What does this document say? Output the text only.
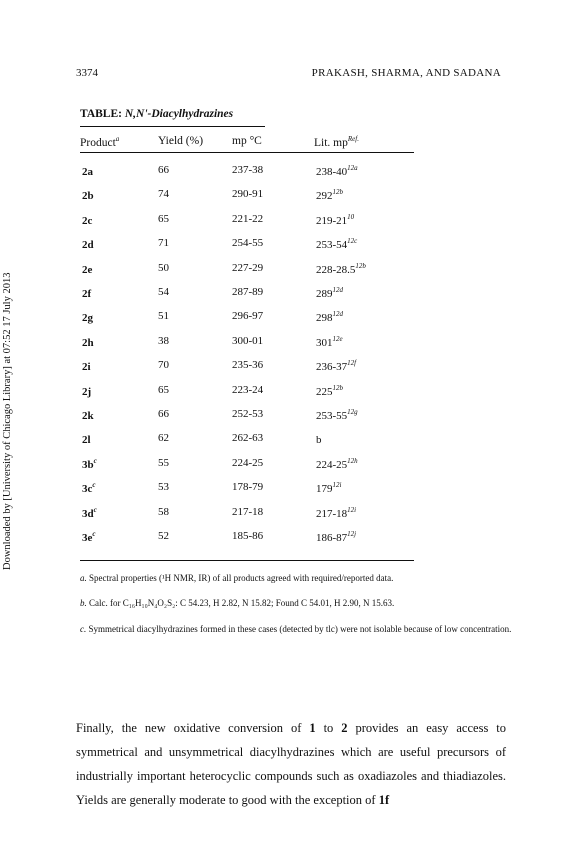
3374	PRAKASH, SHARMA, AND SADANA
Downloaded by [University of Chicago Library] at 07:52 17 July 2013
TABLE: N,N'-Diacylhydrazines
Product$^a$	Yield (%)	mp °C	Lit. $mp^{Ref.}$
2a	66	237-38	$238-40^{12a}$
2b	74	290-91	$292^{12b}$
2c	65	221-22	$219-21^{10}$
2d	71	254-55	$253-54^{12c}$
2e	50	227-29	$228-28.5^{12b}$
2f	54	287-89	$289^{12d}$
2g	51	296-97	$298^{12d}$
2h	38	300-01	$301^{12e}$
2i	70	235-36	$236-37^{12f}$
2j	65	223-24	$225^{12b}$
2k	66	252-53	$253-55^{12g}$
2l	62	262-63	b
$3b^c$	55	224-25	$224-25^{12h}$
$3c^c$	53	178-79	$179^{12i}$
$3d^c$	58	217-18	$217-18^{12i}$
$3e^c$	52	185-86	$186-87^{12j}$
a. Spectral properties (¹H NMR, IR) of all products agreed with required/reported data.
b. Calc. for C₁₆H₁₀N₄O₂S₂: C 54.23, H 2.82, N 15.82; Found C 54.01, H 2.90, N 15.63.
c. Symmetrical diacylhydrazines formed in these cases (detected by tlc) were not isolable because of low concentration.
Finally, the new oxidative conversion of 1 to 2 provides an easy access to symmetrical and unsymmetrical diacylhydrazines which are useful precursors of industrially important heterocyclic compounds such as oxadiazoles and thiadiazoles. Yields are generally moderate to good with the exception of 1f
